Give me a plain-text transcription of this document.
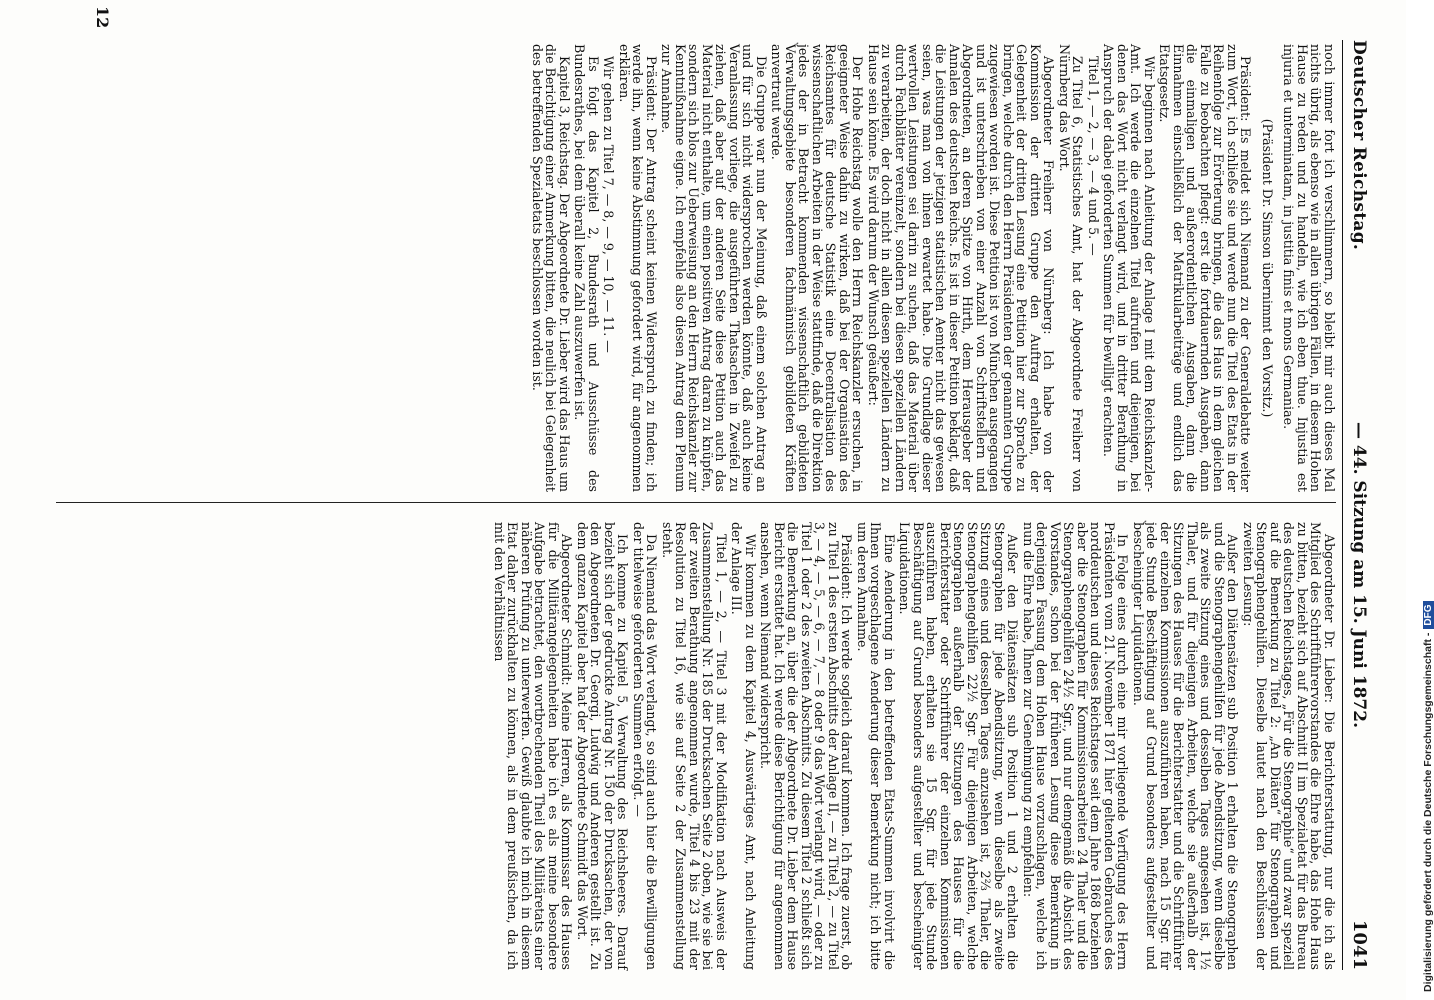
Deutscher Reichstag.
— 44. Sitzung am 15. Juni 1872.
1041

noch immer fort ich verschlimmern, so bleibt mir auch dieses Mal nichts übrig, als ebenso wie in allen übrigen Fällen, in diesem Hohen Hause zu reden und zu handeln, wie ich eben thue. Injustia est injuria et unterminatam, in justitia finis et mons Germaniae.

(Präsident Dr. Simson übernimmt den Vorsitz.)

Präsident: Es meldet sich Niemand zu der Generaldebatte weiter zum Wort, ich schließe sie und werde nun die Titel des Etats in der Reihenfolge zur Erörterung bringen, die das Haus in dem gleichen Falle zu beobachten pflegt: erst die fortdauernden Ausgaben, dann die einmaligen und außerordentlichen Ausgaben, dann die Einnahmen einschließlich der Matrikularbeiträge und endlich das Etatsgesetz.

Wir beginnen nach Anleitung der Anlage I mit dem Reichskanzler-Amt. Ich werde die einzelnen Titel aufrufen und diejenigen, bei denen das Wort nicht verlangt wird, und in dritter Berathung in Anspruch der dabei geforderten Summen für bewilligt erachten.

Titel 1, — 2, — 3, — 4 und 5. —

Zu Titel 6, Statistisches Amt, hat der Abgeordnete Freiherr von Nürnberg das Wort.

Abgeordneter Freiherr von Nürnberg: Ich habe von der Kommission der dritten Gruppe den Auftrag erhalten, der Gelegenheit der dritten Lesung eine Petition hier zur Sprache zu bringen, welche durch den Herrn Präsidenten der genannten Gruppe zugewiesen worden ist. Diese Petition ist von München ausgegangen und ist unterschrieben von einer Anzahl von Schriftstellern und Abgeordneten, an deren Spitze von Hirth, dem Herausgeber der Annalen des deutschen Reichs. Es ist in dieser Petition beklagt, daß die Leistungen der jetzigen statistischen Aemter nicht das gewesen seien, was man von ihnen erwartet habe. Die Grundlage dieser wertvollen Leistungen sei darin zu suchen, daß das Material über durch Fachblätter vereinzelt, sondern bei diesen speziellen Ländern zu verarbeiten, der doch nicht in allen diesen speziellen Ländern zu Hause sein könne. Es wird darum der Wunsch geäußert:

Der Hohe Reichstag wolle den Herrn Reichskanzler ersuchen, in geeigneter Weise dahin zu wirken, daß bei der Organisation des Reichsamtes für deutsche Statistik eine Decentralisation des wissenschaftlichen Arbeiten in der Weise stattfinde, daß die Direktion jedes der in Betracht kommenden wissenschaftlich gebildeten Verwaltungsgebiete besonderen fachmännisch gebildeten Kräften anvertraut werde.

Die Gruppe war nun der Meinung, daß einem solchen Antrag an und für sich nicht widersprochen werden könnte, daß auch keine Veranlassung vorliege, die ausgeführten Thatsachen in Zweifel zu ziehen, daß aber auf der anderen Seite diese Petition auch das Material nicht enthalte, um einen positiven Antrag daran zu knüpfen, sondern sich blos zur Ueberweisung an den Herrn Reichskanzler zur Kenntnißnahme eigne. Ich empfehle also diesen Antrag dem Plenum zur Annahme.

Präsident: Der Antrag scheint keinen Widerspruch zu finden; ich werde ihn, wenn keine Abstimmung gefordert wird, für angenommen erklären.

Wir gehen zu Titel 7, — 8, — 9, — 10, — 11. —

Es folgt das Kapitel 2, Bundesrath und Ausschüsse des Bundesrathes, bei dem überall keine Zahl auszuwerfen ist.

Kapitel 3, Reichstag. Der Abgeordnete Dr. Lieber wird das Haus um die Berichtigung einer Anmerkung bitten, die neulich bei Gelegenheit des betreffenden Spezialetats beschlossen worden ist.

Abgeordneter Dr. Lieber: Die Berichterstattung, nur die ich als Mitglied des Schriftführervorstandes die Ehre habe, das Hohe Haus zu bitten, bezieht sich auf Abschnitt II im Spezialetat für das Bureau des deutschen Reichstages, „Für die Stenographie“ und zwar speziell auf die Bemerkung zu Titel 2: „An Diäten“ für Stenographen und Stenographengehilfen. Dieselbe lautet nach den Beschlüssen der zweiten Lesung:

Außer den Diätensätzen sub Position 1 erhalten die Stenographen und die Stenographengehilfen für jede Abendsitzung, wenn dieselbe als zweite Sitzung eines und desselben Tages angesehen ist, 1½ Thaler, und für diejenigen Arbeiten, welche sie außerhalb der Sitzungen des Hauses für die Berichterstatter und die Schriftführer der einzelnen Kommissionen auszuführen haben, nach 15 Sgr. für jede Stunde Beschäftigung auf Grund besonders aufgestellter und bescheinigter Liquidationen.

In Folge eines durch eine mir vorliegende Verfügung des Herrn Präsidenten vom 21. November 1871 hier geltenden Gebrauches des norddeutschen und dieses Reichstages seit dem Jahre 1868 beziehen aber die Stenographen für Kommissionsarbeiten 24 Thaler und die Stenographengehilfen 24½ Sgr., und nur demgemäß die Absicht des Vorstandes, schon bei der früheren Lesung diese Bemerkung in derjenigen Fassung dem Hohen Hause vorzuschlagen, welche ich nun die Ehre habe, Ihnen zur Genehmigung zu empfehlen:

Außer den Diätensätzen sub Position 1 und 2 erhalten die Stenographen für jede Abendsitzung, wenn dieselbe als zweite Sitzung eines und desselben Tages anzusehen ist, 2⅔ Thaler, die Stenographengehilfen 22½ Sgr. Für diejenigen Arbeiten, welche Stenographen außerhalb der Sitzungen des Hauses für die Berichterstatter oder Schriftführer der einzelnen Kommissionen auszuführen haben, erhalten sie 15 Sgr. für jede Stunde Beschäftigung auf Grund besonders aufgestellter und bescheinigter Liquidationen.

Eine Aenderung in den betreffenden Etats-Summen involvirt die Ihnen vorgeschlagene Aenderung dieser Bemerkung nicht; ich bitte um deren Annahme.

Präsident: Ich werde sogleich darauf kommen. Ich frage zuerst, ob zu Titel 1 des ersten Abschnitts der Anlage II, — zu Titel 2, — zu Titel 3, — 4, — 5, — 6, — 7, — 8 oder 9 das Wort verlangt wird, — oder zu Titel 1 oder 2 des zweiten Abschnitts. Zu diesem Titel 2 schließt sich die Bemerkung an, über die der Abgeordnete Dr. Lieber dem Hause Bericht erstattet hat. Ich werde diese Berichtigung für angenommen ansehen, wenn Niemand widerspricht.

Wir kommen zu dem Kapitel 4, Auswärtiges Amt, nach Anleitung der Anlage III.

Titel 1, — 2, — Titel 3 mit der Modifikation nach Ausweis der Zusammenstellung Nr. 185 der Drucksachen Seite 2 oben, wie sie bei der zweiten Berathung angenommen wurde, Titel 4 bis 23 mit der Resolution zu Titel 16, wie sie auf Seite 2 der Zusammenstellung steht.

Da Niemand das Wort verlangt, so sind auch hier die Bewilligungen der titelweise geforderten Summen erfolgt. —

Ich komme zu Kapitel 5, Verwaltung des Reichsheeres. Darauf bezieht sich der gedruckte Antrag Nr. 150 der Drucksachen, der von den Abgeordneten Dr. Georgi, Ludwig und Anderen gestellt ist. Zu dem ganzen Kapitel aber hat der Abgeordnete Schmidt das Wort.

Abgeordneter Schmidt: Meine Herren, als Kommissar des Hauses für die Militärangelegenheiten habe ich es als meine besondere Aufgabe betrachtet, den wortbrechenden Theil des Militäretats einer näheren Prüfung zu unterwerfen. Gewiß glaubte ich mich in diesem Etat daher zurückhalten zu können, als in dem preußischen, da ich mit den Verhältnissen

12
Digitalisierung gefördert durch die Deutsche Forschungsgemeinschaft -DFG
